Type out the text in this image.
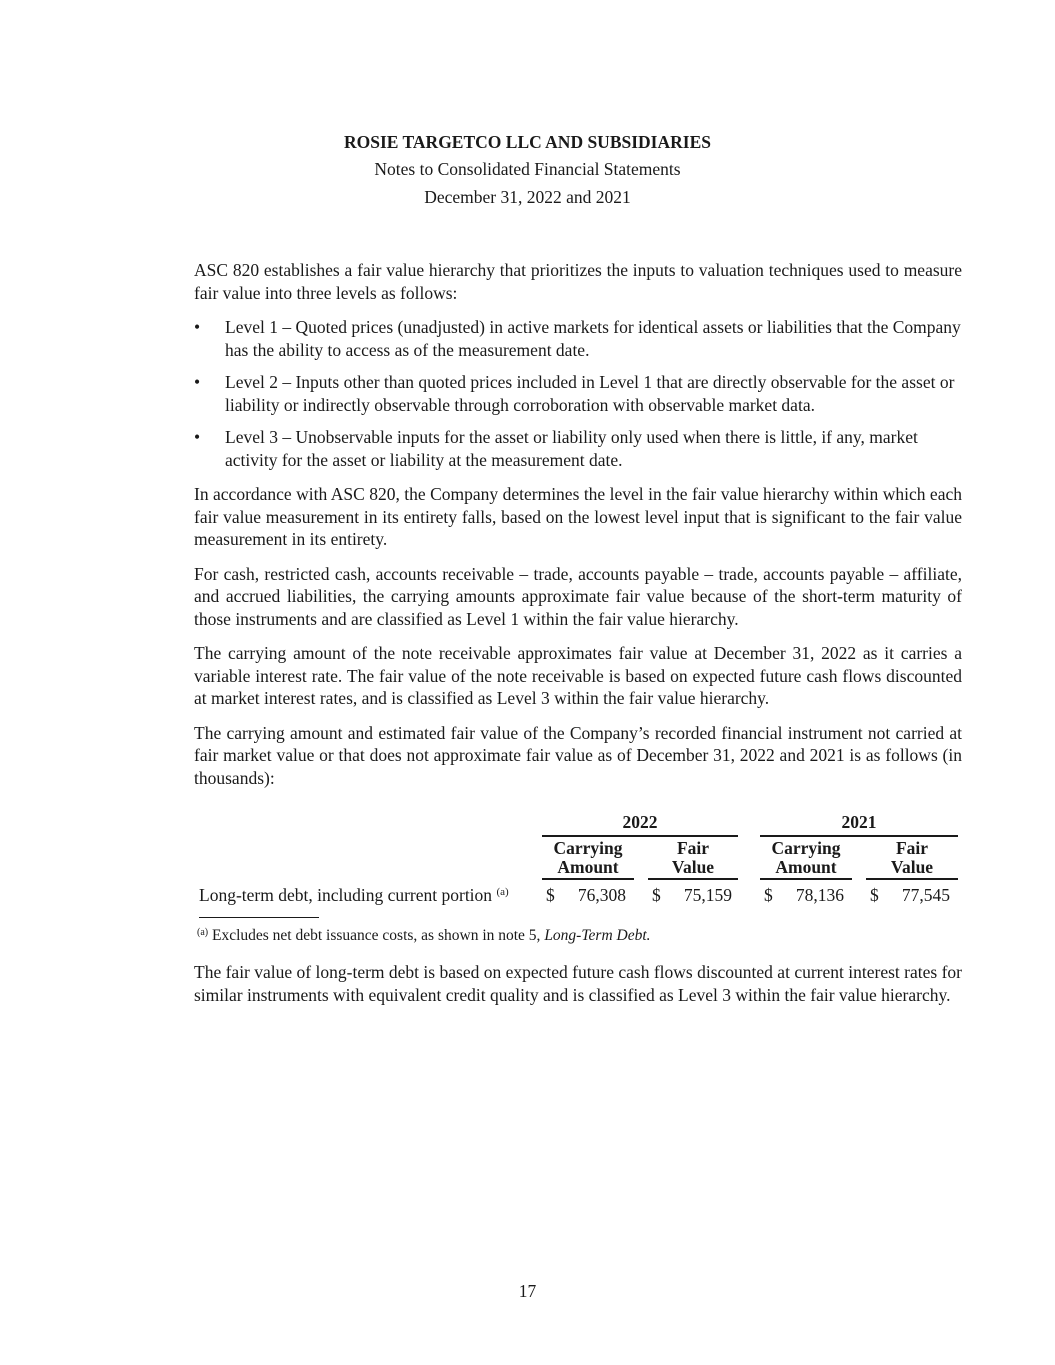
ROSIE TARGETCO LLC AND SUBSIDIARIES
Notes to Consolidated Financial Statements
December 31, 2022 and 2021

ASC 820 establishes a fair value hierarchy that prioritizes the inputs to valuation techniques used to measure fair value into three levels as follows:

• Level 1 – Quoted prices (unadjusted) in active markets for identical assets or liabilities that the Company has the ability to access as of the measurement date.
• Level 2 – Inputs other than quoted prices included in Level 1 that are directly observable for the asset or liability or indirectly observable through corroboration with observable market data.
• Level 3 – Unobservable inputs for the asset or liability only used when there is little, if any, market activity for the asset or liability at the measurement date.

In accordance with ASC 820, the Company determines the level in the fair value hierarchy within which each fair value measurement in its entirety falls, based on the lowest level input that is significant to the fair value measurement in its entirety.

For cash, restricted cash, accounts receivable – trade, accounts payable – trade, accounts payable – affiliate, and accrued liabilities, the carrying amounts approximate fair value because of the short-term maturity of those instruments and are classified as Level 1 within the fair value hierarchy.

The carrying amount of the note receivable approximates fair value at December 31, 2022 as it carries a variable interest rate. The fair value of the note receivable is based on expected future cash flows discounted at market interest rates, and is classified as Level 3 within the fair value hierarchy.

The carrying amount and estimated fair value of the Company’s recorded financial instrument not carried at fair market value or that does not approximate fair value as of December 31, 2022 and 2021 is as follows (in thousands):

2022	2021
Carrying
Amount
Fair
Value
Carrying
Amount
Fair
Value
Long-term debt, including current portion $^{(a)}$ $ 76,308 $ 75,159 $ 78,136 $ 77,545
$^{(a)}$ Excludes net debt issuance costs, as shown in note 5, Long-Term Debt.

The fair value of long-term debt is based on expected future cash flows discounted at current interest rates for similar instruments with equivalent credit quality and is classified as Level 3 within the fair value hierarchy.

17
